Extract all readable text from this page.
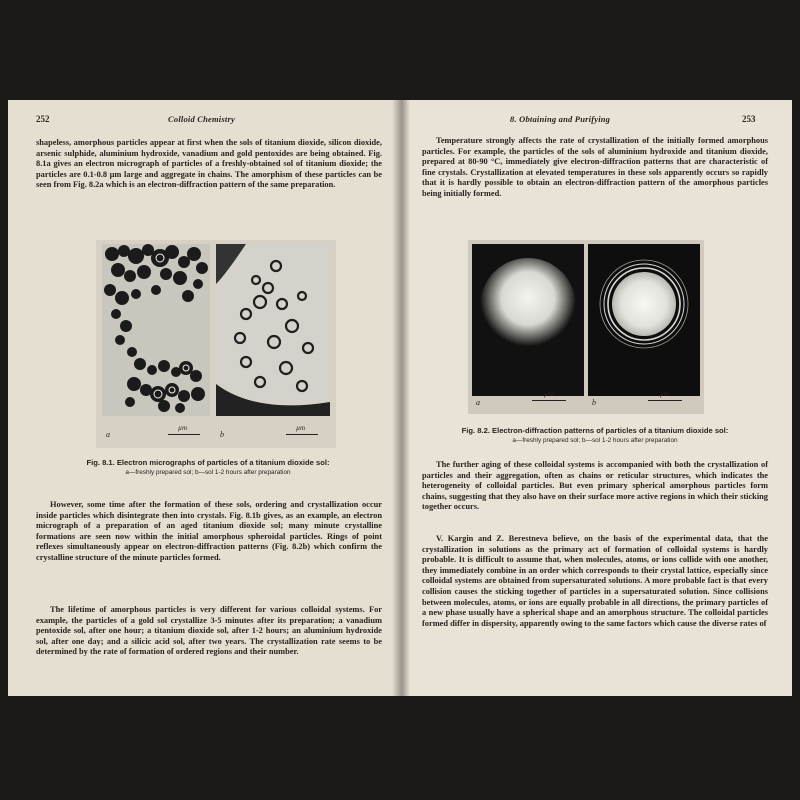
252	Colloid Chemistry

shapeless, amorphous particles appear at first when the sols of titanium dioxide, silicon dioxide, arsenic sulphide, aluminium hydroxide, vanadium and gold pentoxides are being obtained. Fig. 8.1a gives an electron micrograph of particles of a freshly-obtained sol of titanium dioxide; the particles are 0.1-0.8 µm large and aggregate in chains. The amorphism of these particles can be seen from Fig. 8.2a which is an electron-diffraction pattern of the same preparation.

a
µm
b
µm
Fig. 8.1. Electron micrographs of particles of a titanium dioxide sol:
a—freshly prepared sol; b—sol 1-2 hours after preparation

However, some time after the formation of these sols, ordering and crystallization occur inside particles which disintegrate then into crystals. Fig. 8.1b gives, as an example, an electron micrograph of a preparation of an aged titanium dioxide sol; many minute crystalline formations are seen now within the initial amorphous spheroidal particles. Rings of point reflexes simultaneously appear on electron-diffraction patterns (Fig. 8.2b) which confirm the crystalline structure of the minute particles formed.

The lifetime of amorphous particles is very different for various colloidal systems. For example, the particles of a gold sol crystallize 3-5 minutes after its preparation; a vanadium pentoxide sol, after one hour; a titanium dioxide sol, after 1-2 hours; an aluminium hydroxide sol, after one day; and a silicic acid sol, after two years. The crystallization rate seems to be determined by the rate of formation of ordered regions and their number.

8. Obtaining and Purifying	253

Temperature strongly affects the rate of crystallization of the initially formed amorphous particles. For example, the particles of the sols of aluminium hydroxide and titanium dioxide, prepared at 80-90 °C, immediately give electron-diffraction patterns that are characteristic of fine crystals. Crystallization at elevated temperatures in these sols apparently occurs so rapidly that it is hardly possible to obtain an electron-diffraction pattern of the amorphous particles being initially formed.

a
µm
b
µm
Fig. 8.2. Electron-diffraction patterns of particles of a titanium dioxide sol:
a—freshly prepared sol; b—sol 1-2 hours after preparation

The further aging of these colloidal systems is accompanied with both the crystallization of particles and their aggregation, often as chains or reticular structures, which indicates the heterogeneity of colloidal particles. But even primary spherical amorphous particles form chains, suggesting that they also have on their surface more active regions in which their sticking together occurs.

V. Kargin and Z. Berestneva believe, on the basis of the experimental data, that the crystallization in solutions as the primary act of formation of colloidal systems is hardly probable. It is difficult to assume that, when molecules, atoms, or ions collide with one another, they immediately combine in an order which corresponds to their crystal lattice, especially since colloidal systems are obtained from supersaturated solutions. A more probable fact is that every collision causes the sticking together of particles in a supersaturated solution. Since collisions between molecules, atoms, or ions are equally probable in all directions, the primary particles of a new phase usually have a spherical shape and an amorphous structure. The colloidal particles formed differ in dispersity, apparently owing to the same factors which cause the diverse rates of
